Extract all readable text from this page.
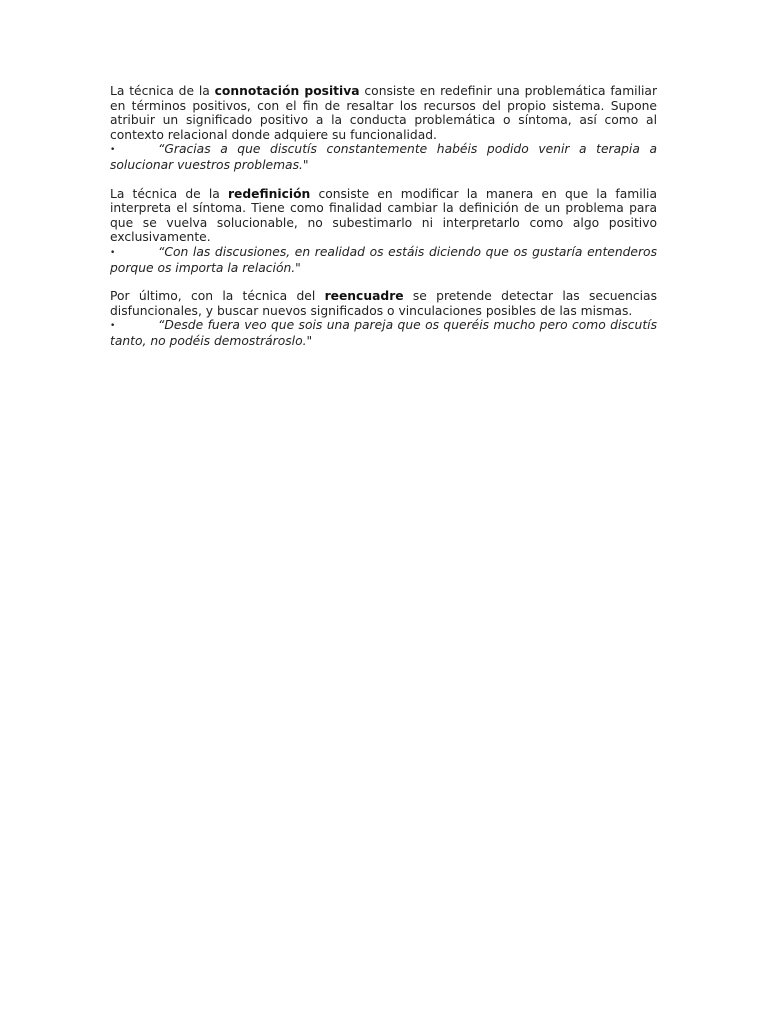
La técnica de la connotación positiva consiste en redefinir una problemática familiar en términos positivos, con el fin de resaltar los recursos del propio sistema. Supone atribuir un significado positivo a la conducta problemática o síntoma, así como al contexto relacional donde adquiere su funcionalidad.

•	“Gracias a que discutís constantemente habéis podido venir a terapia a solucionar vuestros problemas."

La técnica de la redefinición consiste en modificar la manera en que la familia interpreta el síntoma. Tiene como finalidad cambiar la definición de un problema para que se vuelva solucionable, no subestimarlo ni interpretarlo como algo positivo exclusivamente.

•	“Con las discusiones, en realidad os estáis diciendo que os gustaría entenderos porque os importa la relación."

Por último, con la técnica del reencuadre se pretende detectar las secuencias disfuncionales, y buscar nuevos significados o vinculaciones posibles de las mismas.

•	“Desde fuera veo que sois una pareja que os queréis mucho pero como discutís tanto, no podéis demostrároslo."
